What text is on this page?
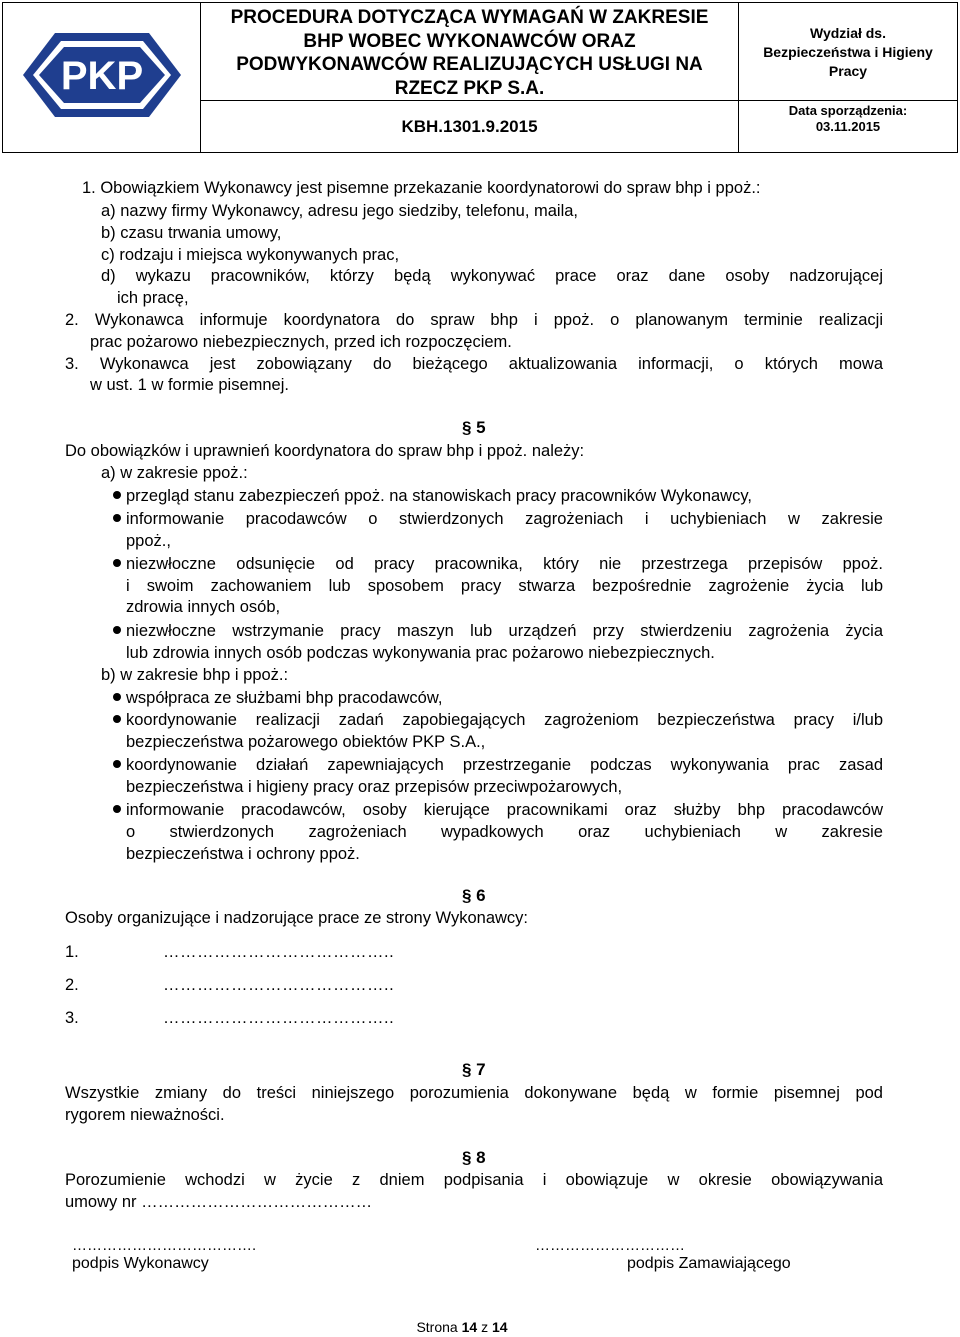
PKP
PROCEDURA DOTYCZĄCA WYMAGAŃ W ZAKRESIE
BHP WOBEC WYKONAWCÓW ORAZ
PODWYKONAWCÓW REALIZUJĄCYCH USŁUGI NA
RZECZ PKP S.A.
KBH.1301.9.2015
Wydział ds.
Bezpieczeństwa i Higieny
Pracy
Data sporządzenia:
03.11.2015
1. Obowiązkiem Wykonawcy jest pisemne przekazanie koordynatorowi do spraw bhp i ppoż.:
a) nazwy firmy Wykonawcy, adresu jego siedziby, telefonu, maila,
b) czasu trwania umowy,
c) rodzaju i miejsca wykonywanych prac,
d) wykazu pracowników, którzy będą wykonywać prace oraz dane osoby nadzorującej
ich pracę,
2. Wykonawca informuje koordynatora do spraw bhp i ppoż. o planowanym terminie realizacji
prac pożarowo niebezpiecznych, przed ich rozpoczęciem.
3. Wykonawca jest zobowiązany do bieżącego aktualizowania informacji, o których mowa
w ust. 1 w formie pisemnej.
§ 5
Do obowiązków i uprawnień koordynatora do spraw bhp i ppoż. należy:
a) w zakresie ppoż.:
przegląd stanu zabezpieczeń ppoż. na stanowiskach pracy pracowników Wykonawcy,
informowanie pracodawców o stwierdzonych zagrożeniach i uchybieniach w zakresie
ppoż.,
niezwłoczne odsunięcie od pracy pracownika, który nie przestrzega przepisów ppoż.
i swoim zachowaniem lub sposobem pracy stwarza bezpośrednie zagrożenie życia lub
zdrowia innych osób,
niezwłoczne wstrzymanie pracy maszyn lub urządzeń przy stwierdzeniu zagrożenia życia
lub zdrowia innych osób podczas wykonywania prac pożarowo niebezpiecznych.
b) w zakresie bhp i ppoż.:
współpraca ze służbami bhp pracodawców,
koordynowanie realizacji zadań zapobiegających zagrożeniom bezpieczeństwa pracy i/lub
bezpieczeństwa pożarowego obiektów PKP S.A.,
koordynowanie działań zapewniających przestrzeganie podczas wykonywania prac zasad
bezpieczeństwa i higieny pracy oraz przepisów przeciwpożarowych,
informowanie pracodawców, osoby kierujące pracownikami oraz służby bhp pracodawców
o stwierdzonych zagrożeniach wypadkowych oraz uchybieniach w zakresie
bezpieczeństwa i ochrony ppoż.
§ 6
Osoby organizujące i nadzorujące prace ze strony Wykonawcy:
1.	…………………………………..
2.	…………………………………..
3.	…………………………………..
§ 7
Wszystkie zmiany do treści niniejszego porozumienia dokonywane będą w formie pisemnej pod
rygorem nieważności.
§ 8
Porozumienie wchodzi w życie z dniem podpisania i obowiązuje w okresie obowiązywania
umowy nr ……………………………………
……………………………….
podpis Wykonawcy
…………………………
podpis Zamawiającego
Strona 14 z 14
